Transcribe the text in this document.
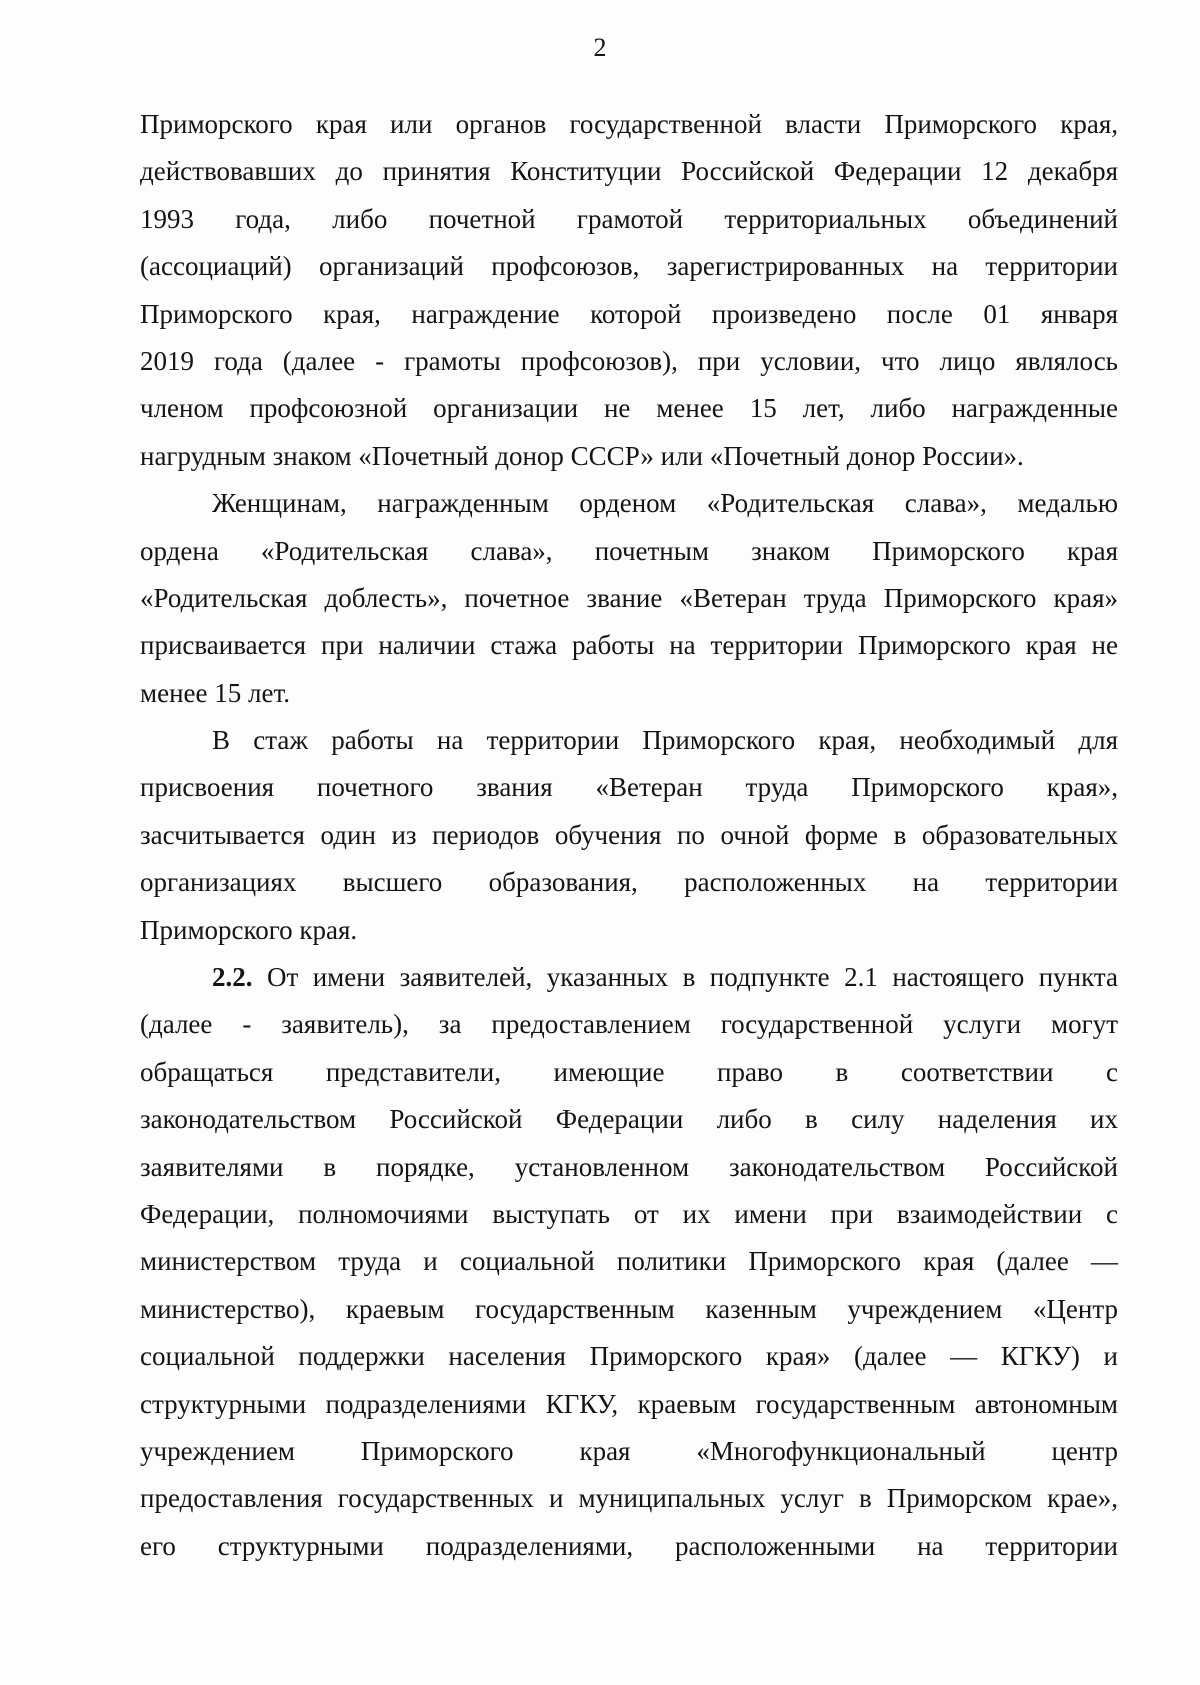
2
Приморского края или органов государственной власти Приморского края,
действовавших до принятия Конституции Российской Федерации 12 декабря
1993 года, либо почетной грамотой территориальных объединений
(ассоциаций) организаций профсоюзов, зарегистрированных на территории
Приморского края, награждение которой произведено после 01 января
2019 года (далее - грамоты профсоюзов), при условии, что лицо являлось
членом профсоюзной организации не менее 15 лет, либо награжденные
нагрудным знаком «Почетный донор СССР» или «Почетный донор России».
Женщинам, награжденным орденом «Родительская слава», медалью
ордена «Родительская слава», почетным знаком Приморского края
«Родительская доблесть», почетное звание «Ветеран труда Приморского края»
присваивается при наличии стажа работы на территории Приморского края не
менее 15 лет.
В стаж работы на территории Приморского края, необходимый для
присвоения почетного звания «Ветеран труда Приморского края»,
засчитывается один из периодов обучения по очной форме в образовательных
организациях высшего образования, расположенных на территории
Приморского края.
2.2. От имени заявителей, указанных в подпункте 2.1 настоящего пункта
(далее - заявитель), за предоставлением государственной услуги могут
обращаться представители, имеющие право в соответствии с
законодательством Российской Федерации либо в силу наделения их
заявителями в порядке, установленном законодательством Российской
Федерации, полномочиями выступать от их имени при взаимодействии с
министерством труда и социальной политики Приморского края (далее —
министерство), краевым государственным казенным учреждением «Центр
социальной поддержки населения Приморского края» (далее — КГКУ) и
структурными подразделениями КГКУ, краевым государственным автономным
учреждением Приморского края «Многофункциональный центр
предоставления государственных и муниципальных услуг в Приморском крае»,
его структурными подразделениями, расположенными на территории
